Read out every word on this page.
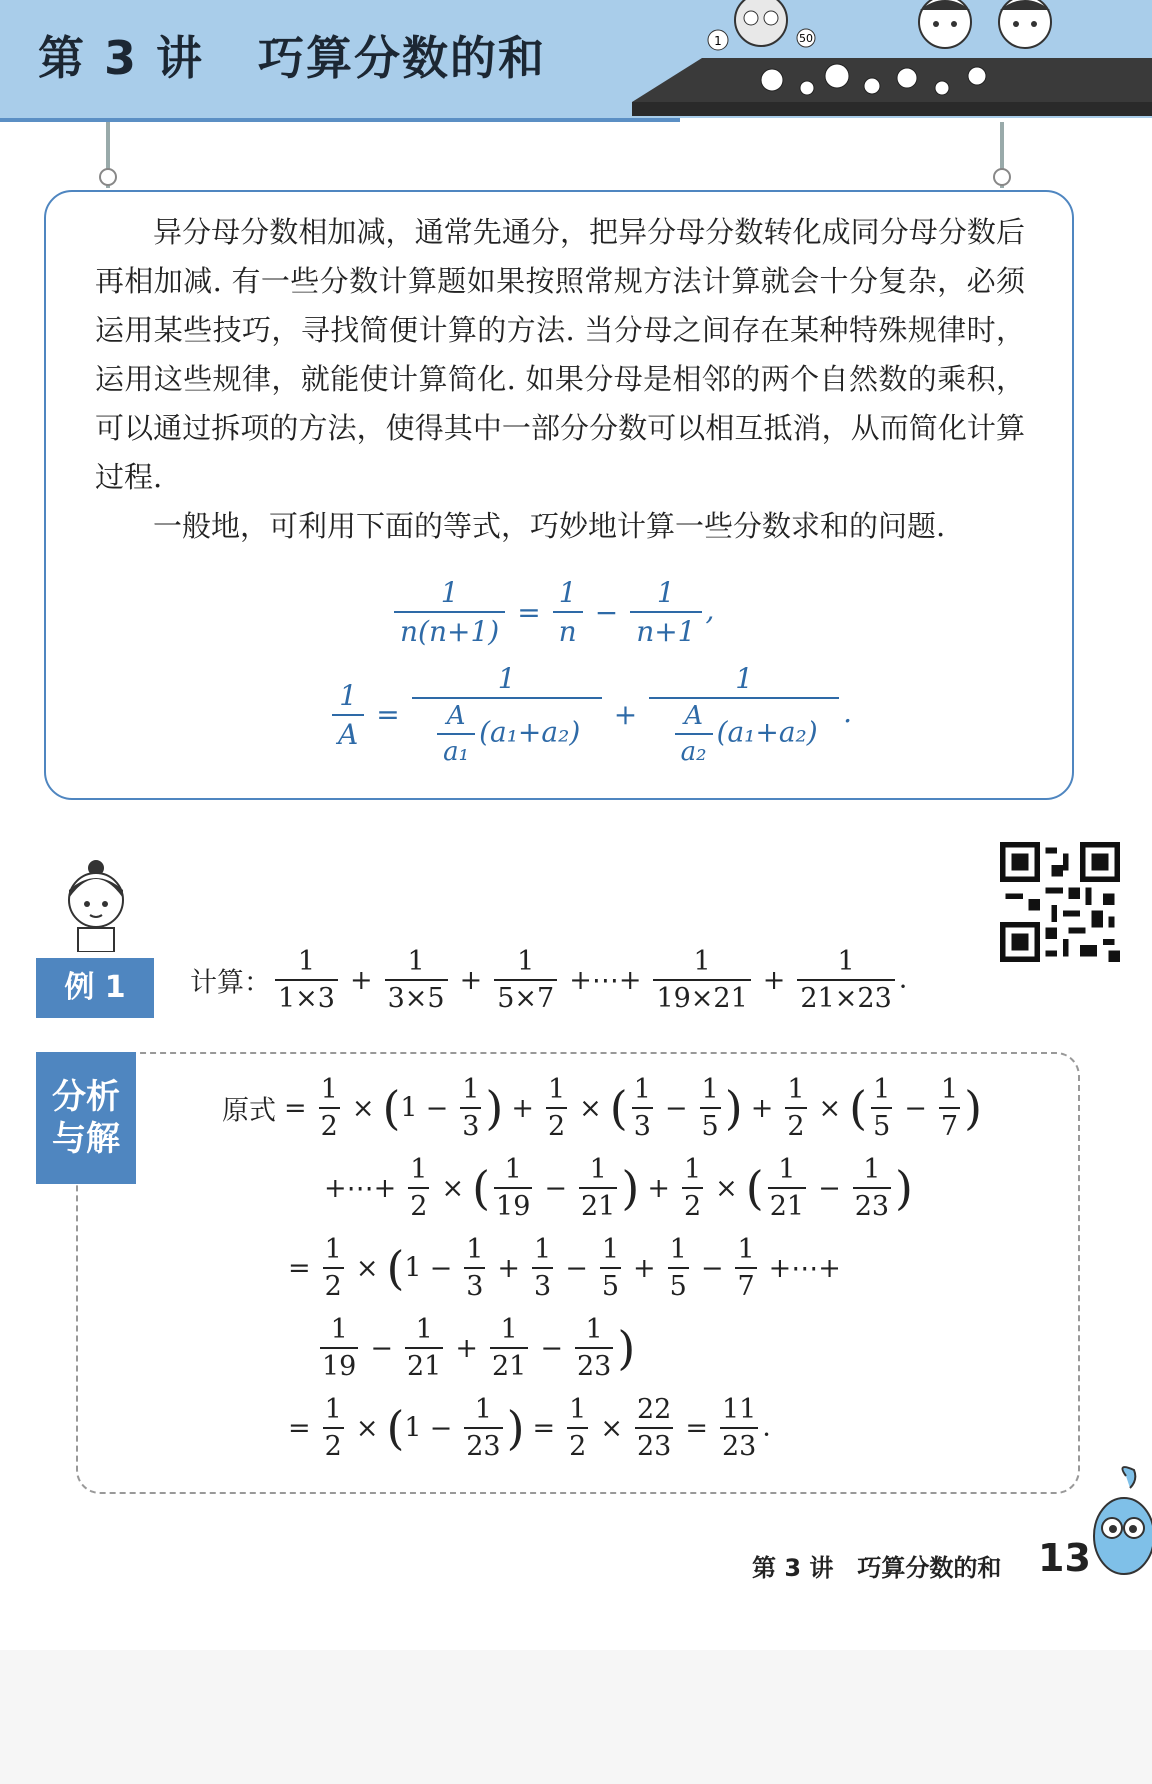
第 3 讲 巧算分数的和	1	50

异分母分数相加减，通常先通分，把异分母分数转化成同分母分数后再相加减. 有一些分数计算题如果按照常规方法计算就会十分复杂，必须运用某些技巧，寻找简便计算的方法. 当分母之间存在某种特殊规律时，运用这些规律，就能使计算简化. 如果分母是相邻的两个自然数的乘积，可以通过拆项的方法，使得其中一部分分数可以相互抵消，从而简化计算过程.

一般地，可利用下面的等式，巧妙地计算一些分数求和的问题.

$\frac{1}{n(n+1)} = \frac{1}{n} - \frac{1}{n+1}$ ,
$\frac{1}{A} = \frac{1}{\frac{A}{\text{a₁}} (a_1+a_2)} + \frac{1}{\frac{A}{\text{a₂}} (a_1+a_2)}$ .
例 1	计算： $\frac{1}{1\times 3} + \frac{1}{3\times 5} + \frac{1}{5\times 7}$ +⋯+ $\frac{1}{19\times 21} + \frac{1}{21\times 23}$ .
分析
与解
原式 = $\frac{1}{2} \times (1 - \frac{1}{3}$ ) + $\frac{1}{2}$ × ( $\frac{1}{3} - \frac{1}{5}$ ) + $\frac{1}{2}$ × ( $\frac{1}{5} - \frac{1}{7}$ )
+⋯+ $\frac{1}{2}$ × ( $\frac{1}{19} - \frac{1}{21}$ ) + $\frac{1}{2}$ × ( $\frac{1}{21} - \frac{1}{23}$ )
= $\frac{1}{2} \times (1 - \frac{1}{3} + \frac{1}{3} - \frac{1}{5} + \frac{1}{5} - \frac{1}{7}$ +⋯+
$\frac{1}{19} - \frac{1}{21} + \frac{1}{21} - \frac{1}{23}$ )
= $\frac{1}{2} \times (1 - \frac{1}{23}$ ) = $\frac{1}{2} \times \frac{22}{23} = \frac{11}{23}$ .
第 3 讲　巧算分数的和 13
